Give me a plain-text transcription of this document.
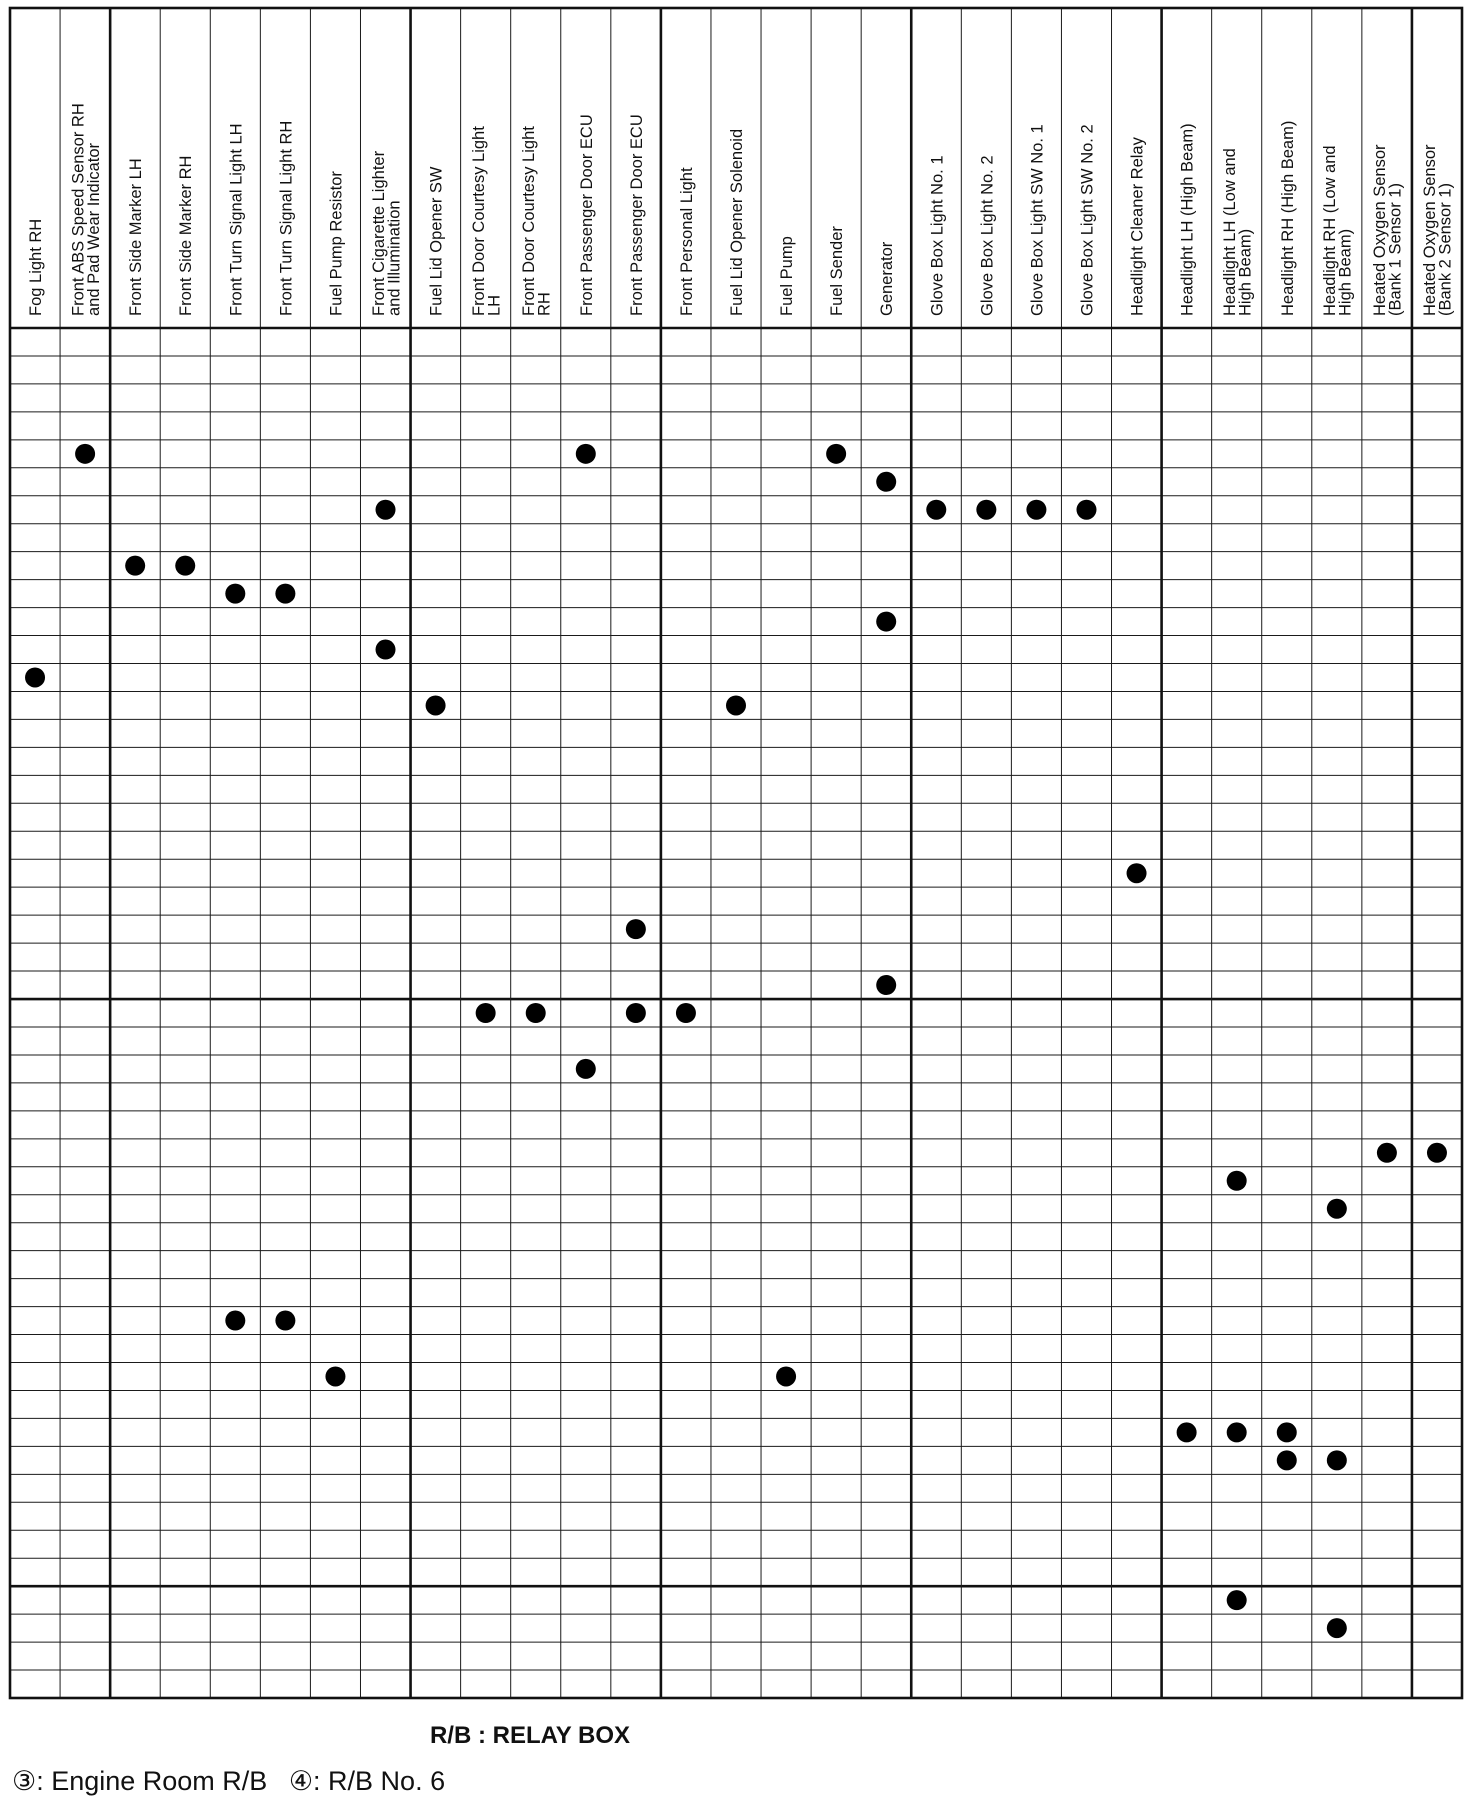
Fog Light RH Front ABS Speed Sensor RH
and Pad Wear Indicator Front Side Marker LH Front Side Marker RH Front Turn Signal Light LH Front Turn Signal Light RH Fuel Pump Resistor Front Cigarette Lighter
and Illumination Fuel Lid Opener SW Front Door Courtesy Light
LH Front Door Courtesy Light
RH Front Passenger Door ECU Front Passenger Door ECU Front Personal Light Fuel Lid Opener Solenoid Fuel Pump Fuel Sender Generator Glove Box Light No. 1 Glove Box Light No. 2 Glove Box Light SW No. 1 Glove Box Light SW No. 2 Headlight Cleaner Relay Headlight LH (High Beam) Headlight LH (Low and
High Beam) Headlight RH (High Beam) Headlight RH (Low and
High Beam) Heated Oxygen Sensor
(Bank 1 Sensor 1) Heated Oxygen Sensor
(Bank 2 Sensor 1)
R/B : RELAY BOX
③: Engine Room R/B ④: R/B No. 6
